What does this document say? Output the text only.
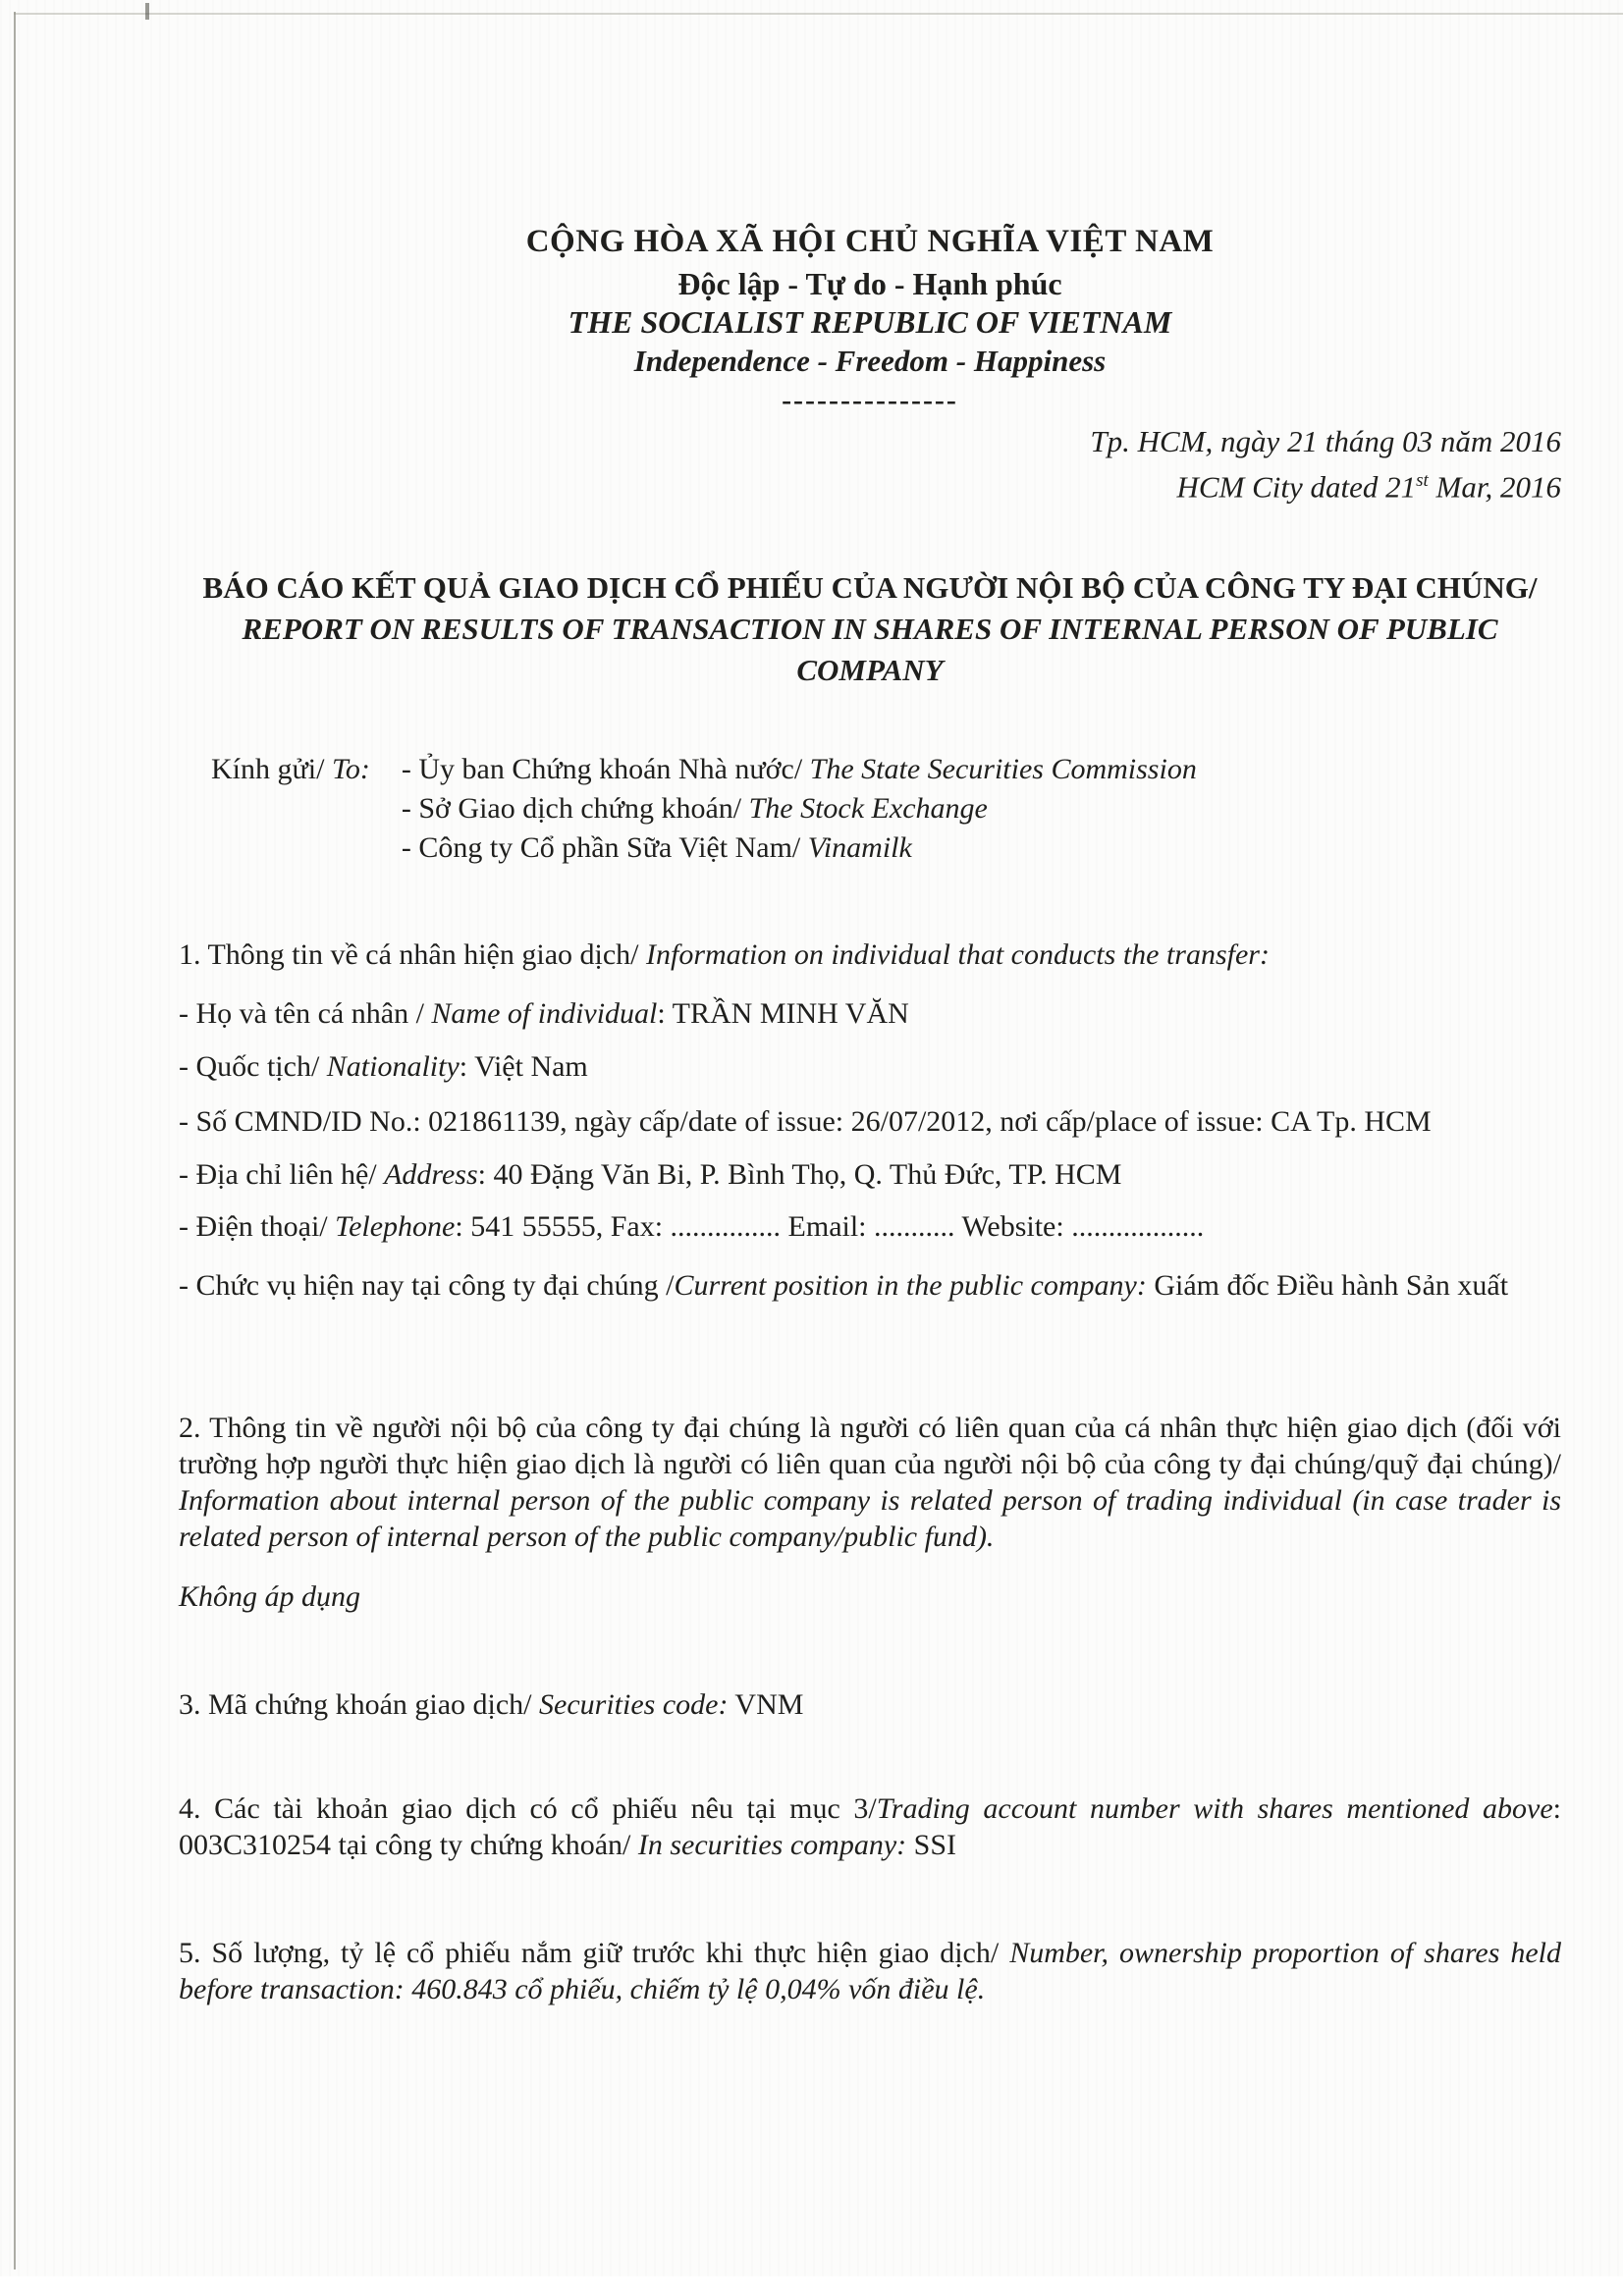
CỘNG HÒA XÃ HỘI CHỦ NGHĨA VIỆT NAM
Độc lập - Tự do - Hạnh phúc
THE SOCIALIST REPUBLIC OF VIETNAM
Independence - Freedom - Happiness
---------------
Tp. HCM, ngày 21 tháng 03 năm 2016
HCM City dated 21st Mar, 2016
BÁO CÁO KẾT QUẢ GIAO DỊCH CỔ PHIẾU CỦA NGƯỜI NỘI BỘ CỦA CÔNG TY ĐẠI CHÚNG/ REPORT ON RESULTS OF TRANSACTION IN SHARES OF INTERNAL PERSON OF PUBLIC COMPANY
Kính gửi/ To: - Ủy ban Chứng khoán Nhà nước/ The State Securities Commission
- Sở Giao dịch chứng khoán/ The Stock Exchange
- Công ty Cổ phần Sữa Việt Nam/ Vinamilk

1. Thông tin về cá nhân hiện giao dịch/ Information on individual that conducts the transfer:

- Họ và tên cá nhân / Name of individual: TRẦN MINH VĂN

- Quốc tịch/ Nationality: Việt Nam

- Số CMND/ID No.: 021861139, ngày cấp/date of issue: 26/07/2012, nơi cấp/place of issue: CA Tp. HCM

- Địa chỉ liên hệ/ Address: 40 Đặng Văn Bi, P. Bình Thọ, Q. Thủ Đức, TP. HCM

- Điện thoại/ Telephone: 541 55555, Fax: ............... Email: ........... Website: ..................

- Chức vụ hiện nay tại công ty đại chúng /Current position in the public company: Giám đốc Điều hành Sản xuất

2. Thông tin về người nội bộ của công ty đại chúng là người có liên quan của cá nhân thực hiện giao dịch (đối với trường hợp người thực hiện giao dịch là người có liên quan của người nội bộ của công ty đại chúng/quỹ đại chúng)/ Information about internal person of the public company is related person of trading individual (in case trader is related person of internal person of the public company/public fund).

Không áp dụng

3. Mã chứng khoán giao dịch/ Securities code: VNM

4. Các tài khoản giao dịch có cổ phiếu nêu tại mục 3/Trading account number with shares mentioned above: 003C310254 tại công ty chứng khoán/ In securities company: SSI

5. Số lượng, tỷ lệ cổ phiếu nắm giữ trước khi thực hiện giao dịch/ Number, ownership proportion of shares held before transaction: 460.843 cổ phiếu, chiếm tỷ lệ 0,04% vốn điều lệ.
